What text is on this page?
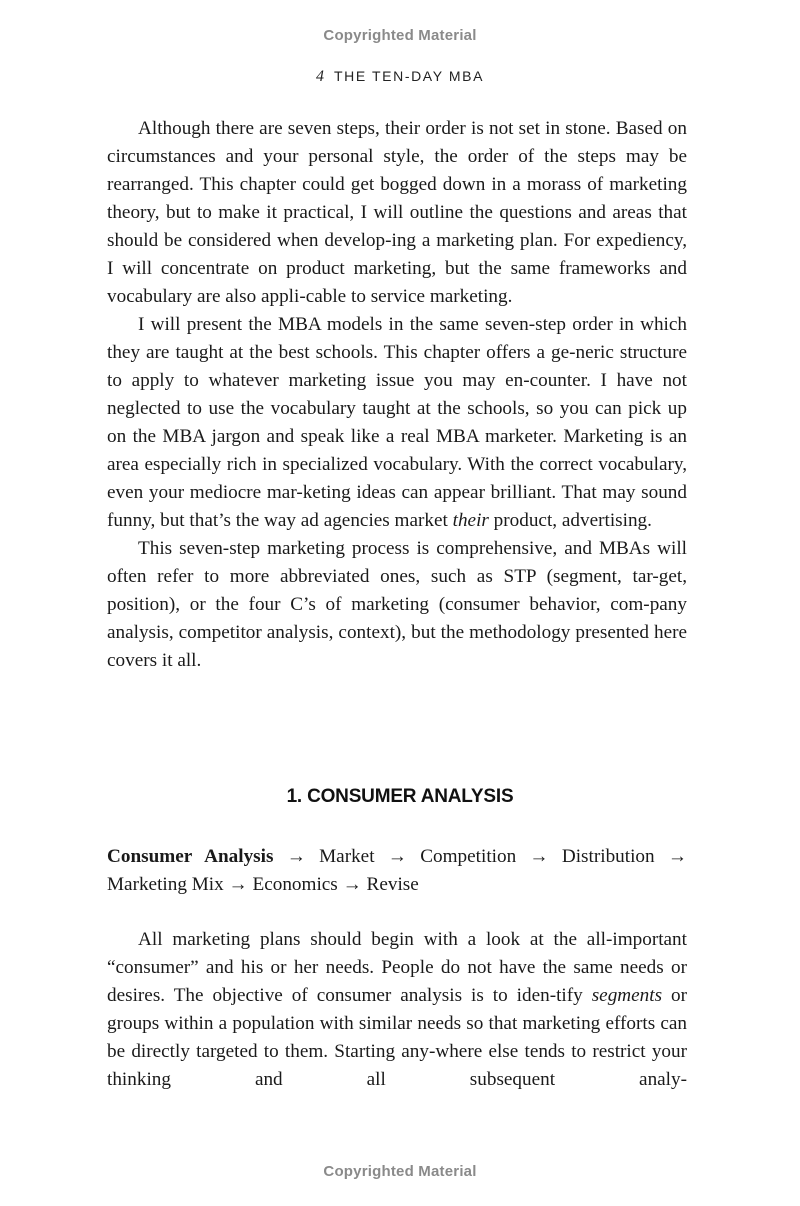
Copyrighted Material
4 THE TEN-DAY MBA

Although there are seven steps, their order is not set in stone. Based on circumstances and your personal style, the order of the steps may be rearranged. This chapter could get bogged down in a morass of marketing theory, but to make it practical, I will outline the questions and areas that should be considered when develop-ing a marketing plan. For expediency, I will concentrate on product marketing, but the same frameworks and vocabulary are also appli-cable to service marketing.

I will present the MBA models in the same seven-step order in which they are taught at the best schools. This chapter offers a ge-neric structure to apply to whatever marketing issue you may en-counter. I have not neglected to use the vocabulary taught at the schools, so you can pick up on the MBA jargon and speak like a real MBA marketer. Marketing is an area especially rich in specialized vocabulary. With the correct vocabulary, even your mediocre mar-keting ideas can appear brilliant. That may sound funny, but that’s the way ad agencies market their product, advertising.

This seven-step marketing process is comprehensive, and MBAs will often refer to more abbreviated ones, such as STP (segment, tar-get, position), or the four C’s of marketing (consumer behavior, com-pany analysis, competitor analysis, context), but the methodology presented here covers it all.

1. CONSUMER ANALYSIS
Consumer Analysis → Market → Competition → Distribution → Marketing Mix → Economics → Revise

All marketing plans should begin with a look at the all-important “consumer” and his or her needs. People do not have the same needs or desires. The objective of consumer analysis is to iden-tify segments or groups within a population with similar needs so that marketing efforts can be directly targeted to them. Starting any-where else tends to restrict your thinking and all subsequent analy-

Copyrighted Material
